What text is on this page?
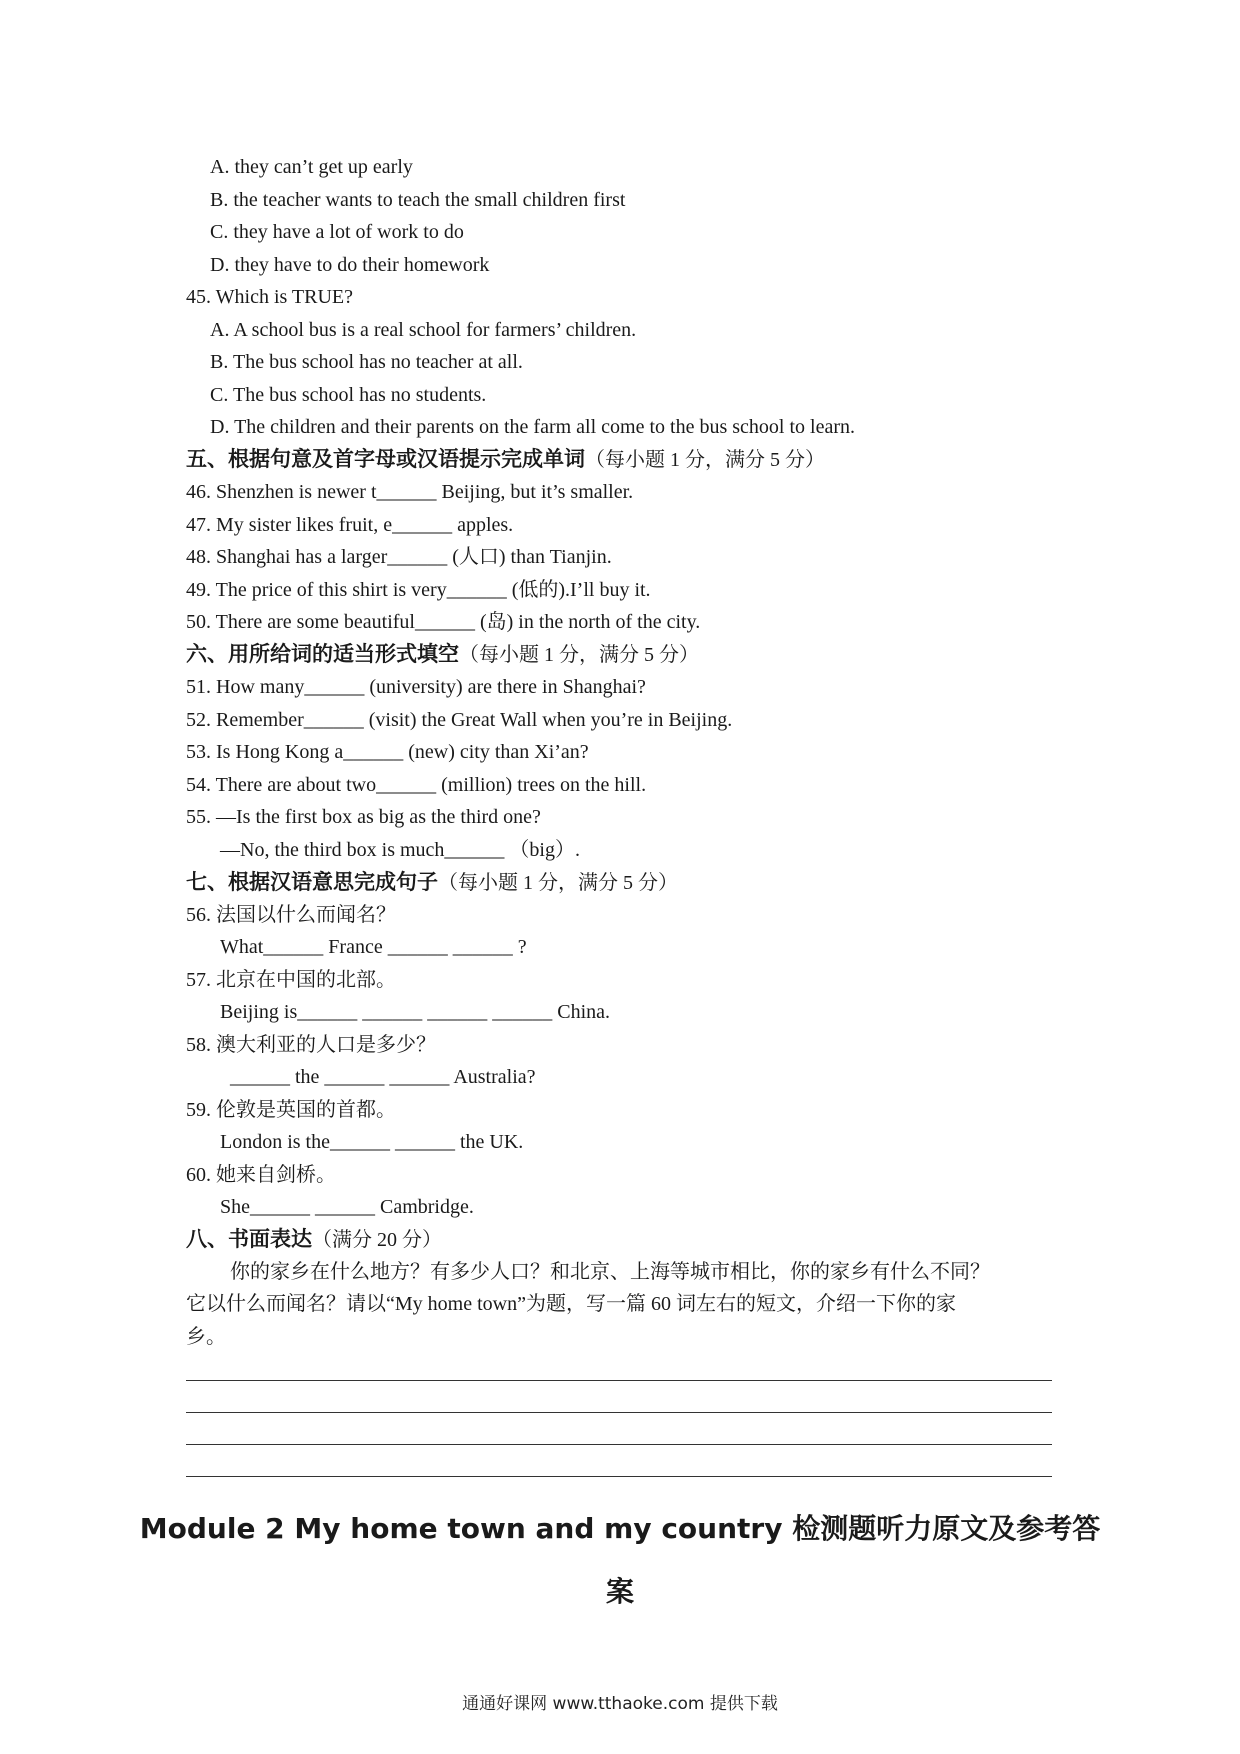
A. they can’t get up early
B. the teacher wants to teach the small children first
C. they have a lot of work to do
D. they have to do their homework
45. Which is TRUE?
A. A school bus is a real school for farmers’ children.
B. The bus school has no teacher at all.
C. The bus school has no students.
D. The children and their parents on the farm all come to the bus school to learn.
五、根据句意及首字母或汉语提示完成单词（每小题 1 分，满分 5 分）
46. Shenzhen is newer t______ Beijing, but it’s smaller.
47. My sister likes fruit, e______ apples.
48. Shanghai has a larger______ (人口) than Tianjin.
49. The price of this shirt is very______ (低的).I’ll buy it.
50. There are some beautiful______ (岛) in the north of the city.
六、用所给词的适当形式填空（每小题 1 分，满分 5 分）
51. How many______ (university) are there in Shanghai?
52. Remember______ (visit) the Great Wall when you’re in Beijing.
53. Is Hong Kong a______ (new) city than Xi’an?
54. There are about two______ (million) trees on the hill.
55. —Is the first box as big as the third one?
—No, the third box is much______ （big）.
七、根据汉语意思完成句子（每小题 1 分，满分 5 分）
56. 法国以什么而闻名？
What______ France ______ ______ ?
57. 北京在中国的北部。
Beijing is______ ______ ______ ______ China.
58. 澳大利亚的人口是多少？
______ the ______ ______ Australia?
59. 伦敦是英国的首都。
London is the______ ______ the UK.
60. 她来自剑桥。
She______ ______ Cambridge.
八、书面表达（满分 20 分）
你的家乡在什么地方？有多少人口？和北京、上海等城市相比，你的家乡有什么不同？
它以什么而闻名？请以“My home town”为题，写一篇 60 词左右的短文，介绍一下你的家
乡。
Module 2 My home town and my country 检测题听力原文及参考答
案
通通好课网 www.tthaoke.com 提供下载
